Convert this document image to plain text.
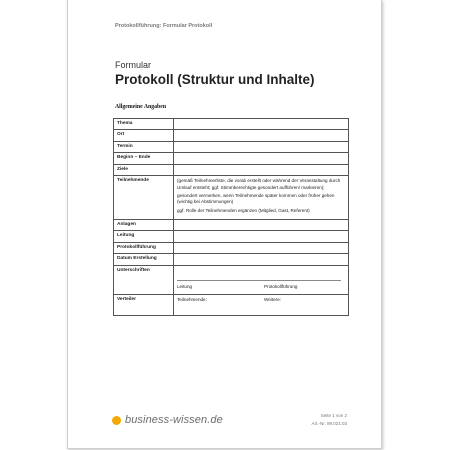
Protokollführung: Formular Protokoll
Formular
Protokoll (Struktur und Inhalte)
Allgemeine Angaben
Thema	
Ort	
Termin	
Beginn – Ende	
Ziele	
Teilnehmende	(gemäß Teilnehmerliste, die vorab erstellt oder während der Veranstaltung durch Umlauf entsteht; ggf. Stimmberechtigte gesondert aufführen/ markieren);

gesondert vermerken, wenn Teilnehmende später kommen oder früher gehen (wichtig bei Abstimmungen)

ggf. Rolle der Teilnehmenden ergänzen (Mitglied, Gast, Referent)

Anlagen	
Leitung	
Protokollführung	
Datum Erstellung	
Unterschriften	Leitung Protokollführung

Verteiler	Teilnehmende: Weitere:
business-wissen.de	Seite 1 von 2
Art.-Nr. 99.021.03
